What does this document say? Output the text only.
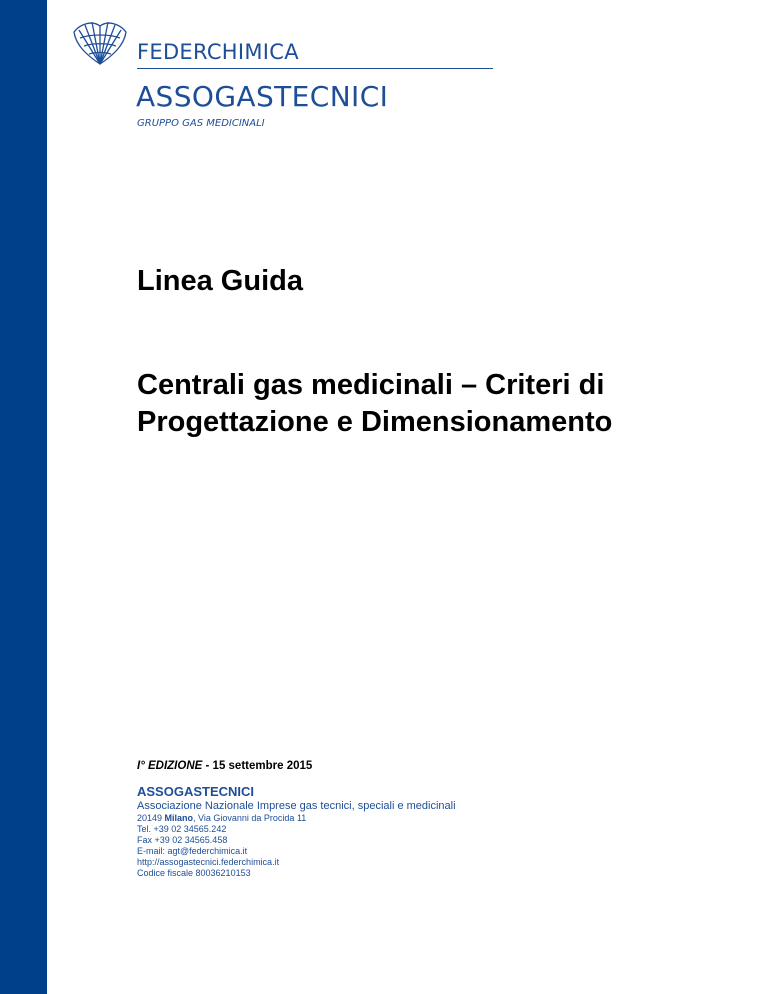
FEDERCHIMICA
ASSOGASTECNICI
GRUPPO GAS MEDICINALI
Linea Guida
Centrali gas medicinali – Criteri di
Progettazione e Dimensionamento
I° EDIZIONE - 15 settembre 2015
ASSOGASTECNICI
Associazione Nazionale Imprese gas tecnici, speciali e medicinali
20149 Milano, Via Giovanni da Procida 11
Tel. +39 02 34565.242
Fax +39 02 34565.458
E-mail: agt@federchimica.it
http://assogastecnici.federchimica.it
Codice fiscale 80036210153
